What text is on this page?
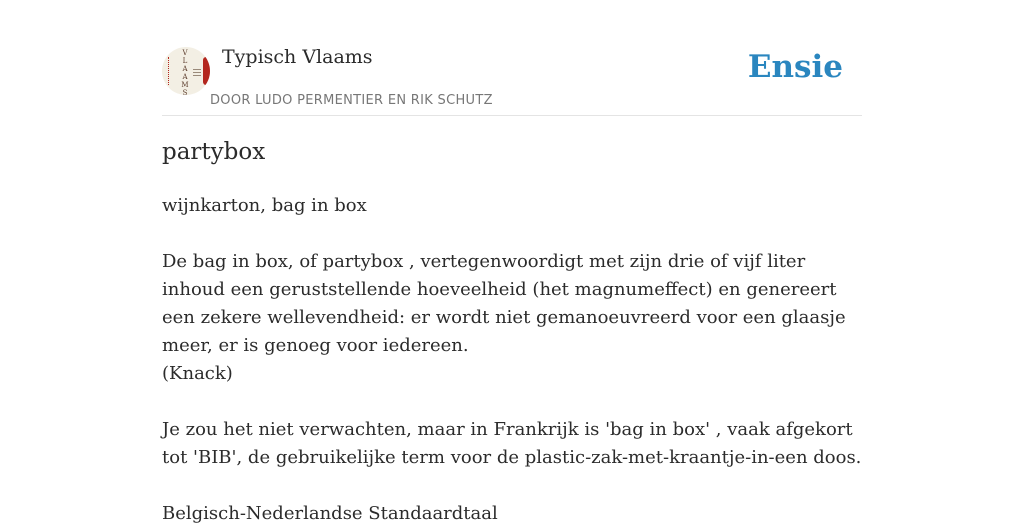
V
L
A
A
M
S
Typisch Vlaams
DOOR LUDO PERMENTIER EN RIK SCHUTZ
Ensie
partybox

wijnkarton, bag in box

De bag in box, of partybox , vertegenwoordigt met zijn drie of vijf liter inhoud een geruststellende hoeveelheid (het magnumeffect) en genereert een zekere wellevendheid: er wordt niet gemanoeuvreerd voor een glaasje meer, er is genoeg voor iedereen.

(Knack)

Je zou het niet verwachten, maar in Frankrijk is 'bag in box' , vaak afgekort tot 'BIB', de gebruikelijke term voor de plastic-zak-met-kraantje-in-een doos.

Belgisch-Nederlandse Standaardtaal
